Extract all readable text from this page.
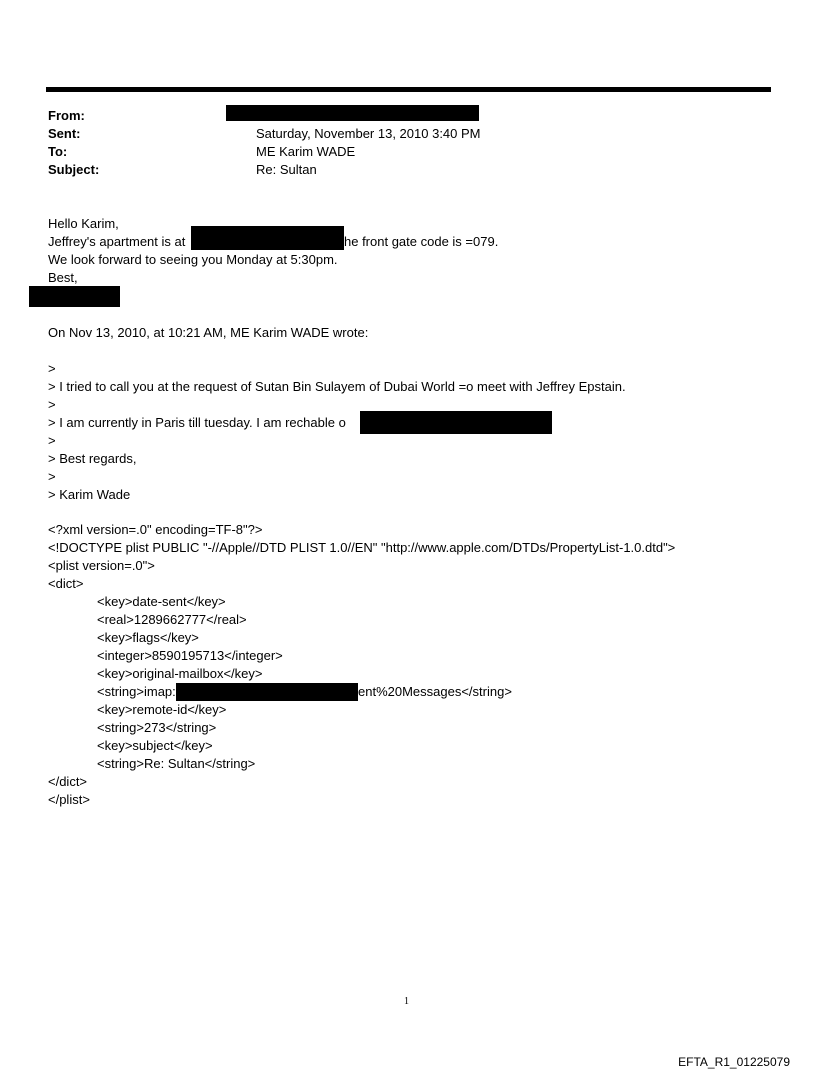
From:
Sent:	Saturday, November 13, 2010 3:40 PM
To:	ME Karim WADE
Subject:	Re: Sultan
Hello Karim,
Jeffrey's apartment is at	he front gate code is =079.
We look forward to seeing you Monday at 5:30pm.
Best,
On Nov 13, 2010, at 10:21 AM, ME Karim WADE wrote:
>
> I tried to call you at the request of Sutan Bin Sulayem of Dubai World =o meet with Jeffrey Epstain.
>
> I am currently in Paris till tuesday. I am rechable o
>
> Best regards,
>
> Karim Wade
<?xml version=.0" encoding=TF-8"?>
<!DOCTYPE plist PUBLIC "-//Apple//DTD PLIST 1.0//EN" "http://www.apple.com/DTDs/PropertyList-1.0.dtd">
<plist version=.0">
<dict>
<key>date-sent</key>
<real>1289662777</real>
<key>flags</key>
<integer>8590195713</integer>
<key>original-mailbox</key>
<string>imap:	ent%20Messages</string>
<key>remote-id</key>
<string>273</string>
<key>subject</key>
<string>Re: Sultan</string>
</dict>
</plist>
1
EFTA_R1_01225079
